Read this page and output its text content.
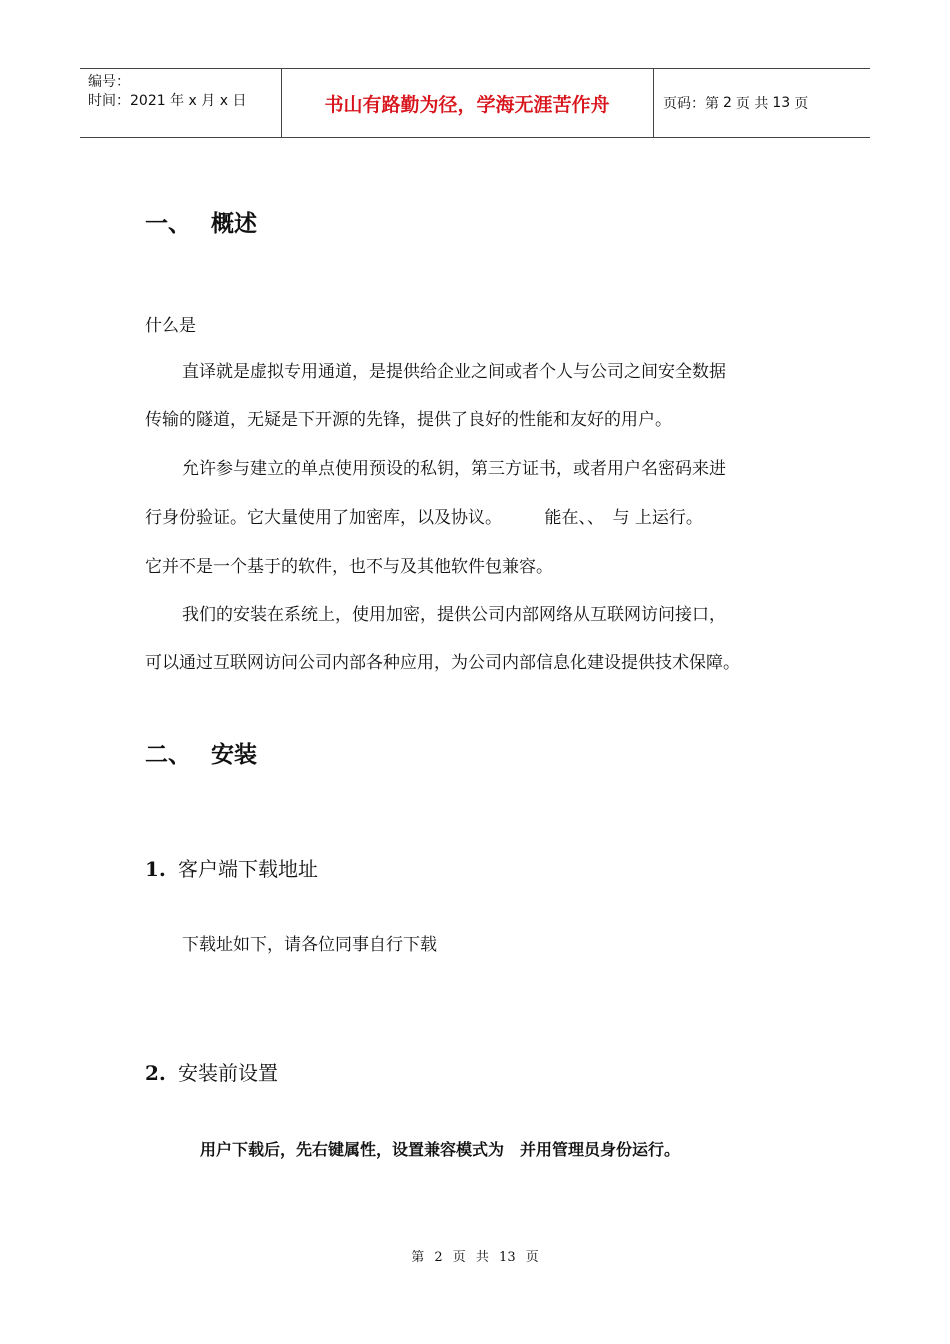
编号：
时间：2021 年 x 月 x 日	书山有路勤为径，学海无涯苦作舟	页码：第 2 页 共 13 页
一、 概述
什么是
直译就是虚拟专用通道，是提供给企业之间或者个人与公司之间安全数据
传输的隧道，无疑是下开源的先锋，提供了良好的性能和友好的用户。
允许参与建立的单点使用预设的私钥，第三方证书，或者用户名密码来进
行身份验证。它大量使用了加密库，以及协议。　　　能在、、　与 上运行。
它并不是一个基于的软件，也不与及其他软件包兼容。
我们的安装在系统上，使用加密，提供公司内部网络从互联网访问接口，
可以通过互联网访问公司内部各种应用，为公司内部信息化建设提供技术保障。
二、 安装
1. 客户端下载地址
下载址如下，请各位同事自行下载
2. 安装前设置
用户下载后，先右键属性，设置兼容模式为　并用管理员身份运行。
第 2 页 共 13 页
